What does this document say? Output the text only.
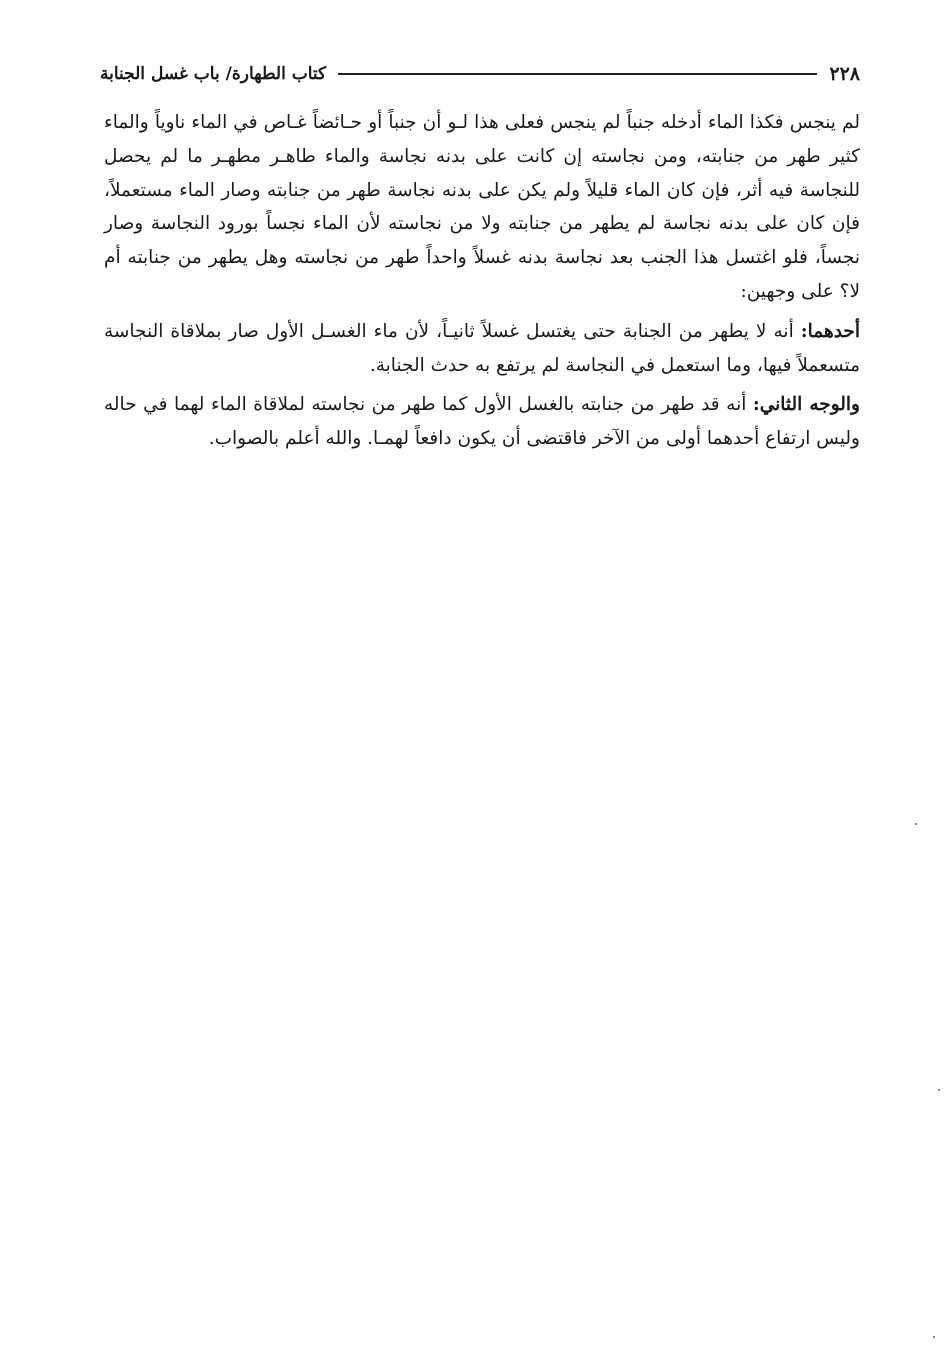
٢٢٨
كتاب الطهارة/ باب غسل الجنابة

لم ينجس فكذا الماء أدخله جنباً لم ينجس فعلى هذا لـو أن جنباً أو حـائضاً غـاص في الماء ناوياً والماء كثير طهر من جنابته، ومن نجاسته إن كانت على بدنه نجاسة والماء طاهـر مطهـر ما لم يحصل للنجاسة فيه أثر، فإن كان الماء قليلاً ولم يكن على بدنه نجاسة طهر من جنابته وصار الماء مستعملاً، فإن كان على بدنه نجاسة لم يطهر من جنابته ولا من نجاسته لأن الماء نجساً بورود النجاسة وصار نجساً، فلو اغتسل هذا الجنب بعد نجاسة بدنه غسلاً واحداً طهر من نجاسته وهل يطهر من جنابته أم لا؟ على وجهين:

أحدهما: أنه لا يطهر من الجنابة حتى يغتسل غسلاً ثانيـاً، لأن ماء الغسـل الأول صار بملاقاة النجاسة متسعملاً فيها، وما استعمل في النجاسة لم يرتفع به حدث الجنابة.

والوجه الثاني: أنه قد طهر من جنابته بالغسل الأول كما طهر من نجاسته لملاقاة الماء لهما في حاله وليس ارتفاع أحدهما أولى من الآخر فاقتضى أن يكون دافعاً لهمـا. والله أعلم بالصواب.
